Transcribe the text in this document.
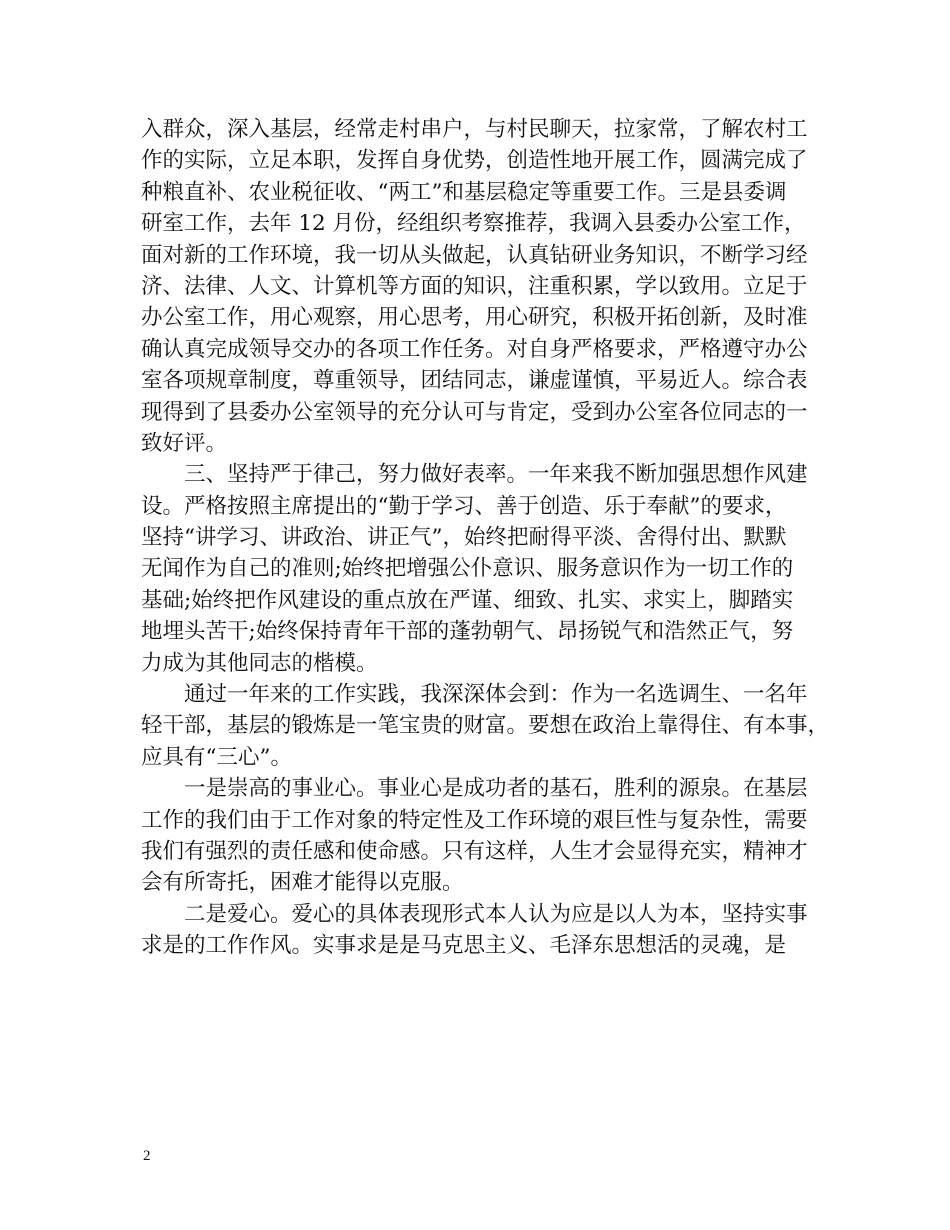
入群众，深入基层，经常走村串户，与村民聊天，拉家常，了解农村工
作的实际，立足本职，发挥自身优势，创造性地开展工作，圆满完成了
种粮直补、农业税征收、“两工”和基层稳定等重要工作。三是县委调
研室工作，去年 12 月份，经组织考察推荐，我调入县委办公室工作，
面对新的工作环境，我一切从头做起，认真钻研业务知识，不断学习经
济、法律、人文、计算机等方面的知识，注重积累，学以致用。立足于
办公室工作，用心观察，用心思考，用心研究，积极开拓创新，及时准
确认真完成领导交办的各项工作任务。对自身严格要求，严格遵守办公
室各项规章制度，尊重领导，团结同志，谦虚谨慎，平易近人。综合表
现得到了县委办公室领导的充分认可与肯定，受到办公室各位同志的一
致好评。

　　三、坚持严于律己，努力做好表率。一年来我不断加强思想作风建
设。严格按照主席提出的“勤于学习、善于创造、乐于奉献”的要求，
坚持“讲学习、讲政治、讲正气”，始终把耐得平淡、舍得付出、默默
无闻作为自己的准则;始终把增强公仆意识、服务意识作为一切工作的
基础;始终把作风建设的重点放在严谨、细致、扎实、求实上，脚踏实
地埋头苦干;始终保持青年干部的蓬勃朝气、昂扬锐气和浩然正气，努
力成为其他同志的楷模。

　　通过一年来的工作实践，我深深体会到：作为一名选调生、一名年
轻干部，基层的锻炼是一笔宝贵的财富。要想在政治上靠得住、有本事，
应具有“三心”。

　　一是崇高的事业心。事业心是成功者的基石，胜利的源泉。在基层
工作的我们由于工作对象的特定性及工作环境的艰巨性与复杂性，需要
我们有强烈的责任感和使命感。只有这样，人生才会显得充实，精神才
会有所寄托，困难才能得以克服。

　　二是爱心。爱心的具体表现形式本人认为应是以人为本，坚持实事
求是的工作作风。实事求是是马克思主义、毛泽东思想活的灵魂，是

2
